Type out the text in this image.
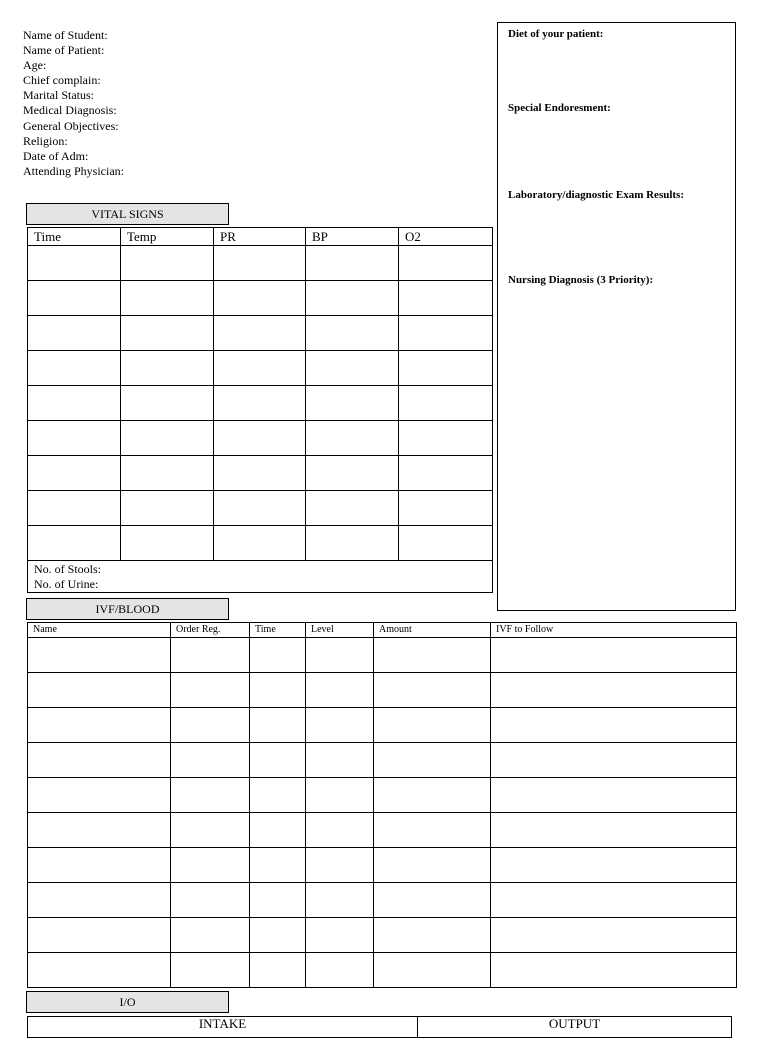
Name of Student:
Name of Patient:
Age:
Chief complain:
Marital Status:
Medical Diagnosis:
General Objectives:
Religion:
Date of Adm:
Attending Physician:
Diet of your patient:
Special Endoresment:
Laboratory/diagnostic Exam Results:
Nursing Diagnosis (3 Priority):
VITAL SIGNS
Time	Temp	PR	BP	O2

No. of Stools:
No. of Urine:				
IVF/BLOOD
Name	Order Reg.	Time	Level	Amount	IVF to Follow

I/O
INTAKE	OUTPUT
